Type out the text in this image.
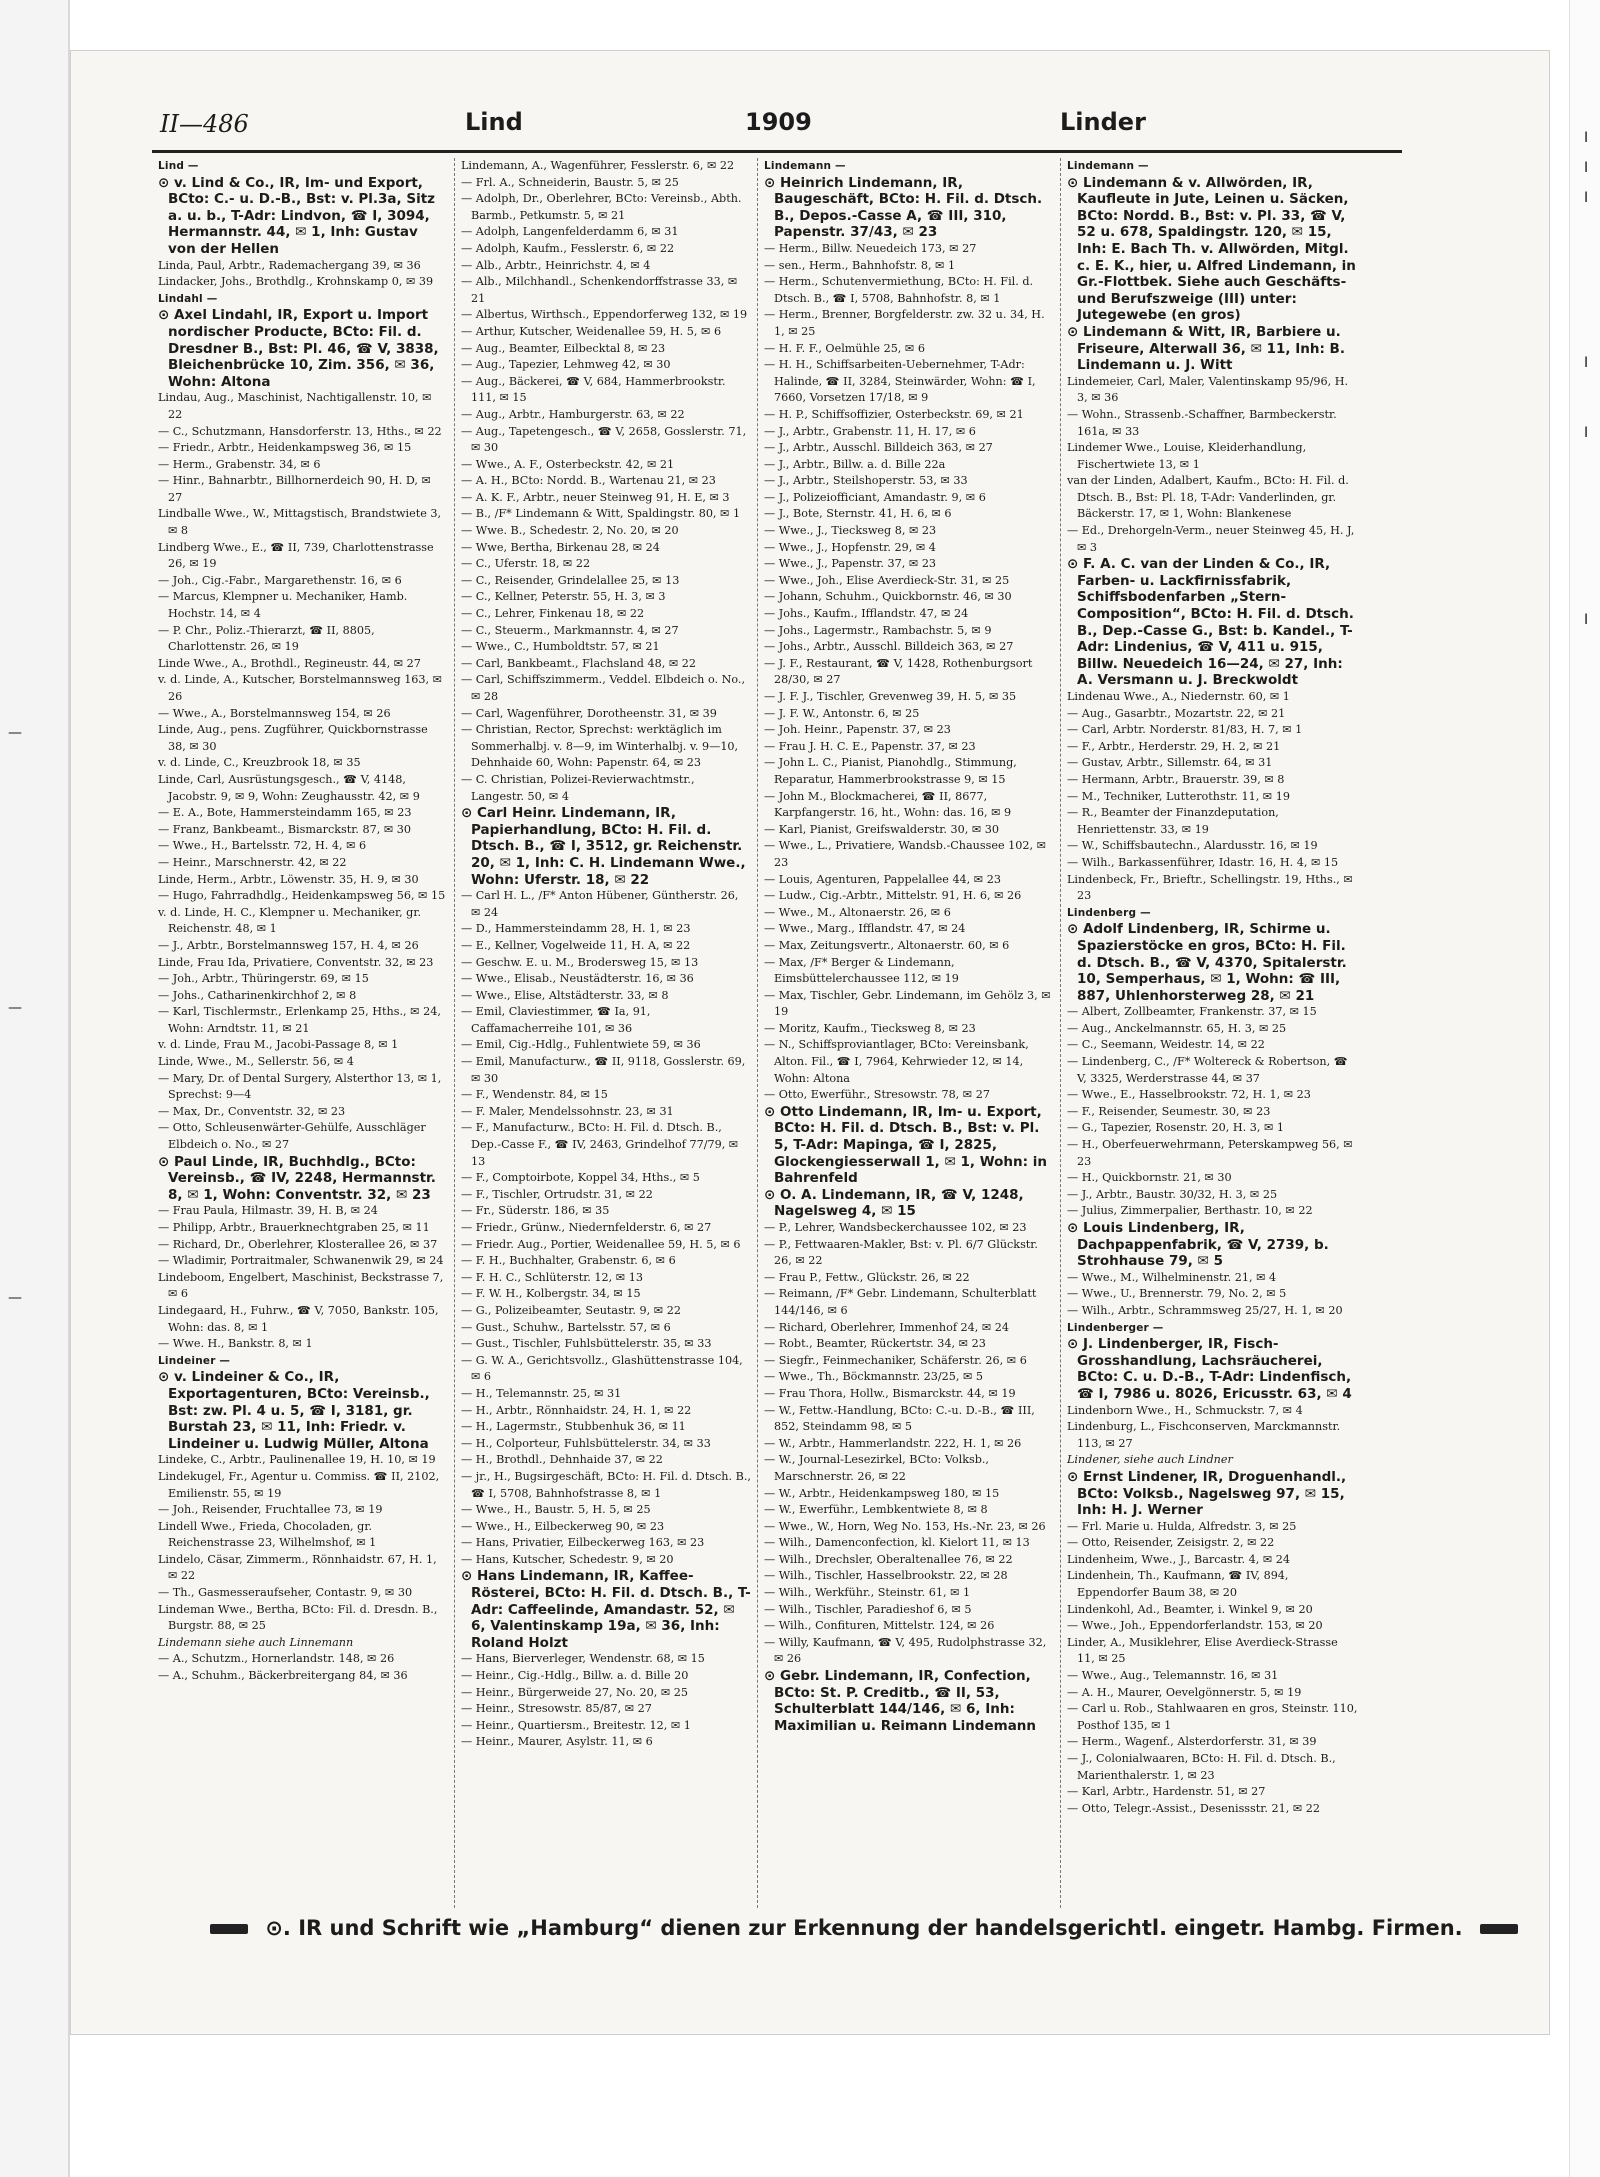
II—486	Lind	1909	Linder

Lind —

⊙ v. Lind & Co., IR, Im- und Export, BCto: C.- u. D.-B., Bst: v. Pl.3a, Sitz a. u. b., T-Adr: Lindvon, ☎ I, 3094, Hermannstr. 44, ✉ 1, Inh: Gustav von der Hellen

Linda, Paul, Arbtr., Rademachergang 39, ✉ 36

Lindacker, Johs., Brothdlg., Krohnskamp 0, ✉ 39

Lindahl —

⊙ Axel Lindahl, IR, Export u. Import nordischer Producte, BCto: Fil. d. Dresdner B., Bst: Pl. 46, ☎ V, 3838, Bleichenbrücke 10, Zim. 356, ✉ 36, Wohn: Altona

Lindau, Aug., Maschinist, Nachtigallenstr. 10, ✉ 22

— C., Schutzmann, Hansdorferstr. 13, Hths., ✉ 22

— Friedr., Arbtr., Heidenkampsweg 36, ✉ 15

— Herm., Grabenstr. 34, ✉ 6

— Hinr., Bahnarbtr., Billhornerdeich 90, H. D, ✉ 27

Lindballe Wwe., W., Mittagstisch, Brandstwiete 3, ✉ 8

Lindberg Wwe., E., ☎ II, 739, Charlottenstrasse 26, ✉ 19

— Joh., Cig.-Fabr., Margarethenstr. 16, ✉ 6

— Marcus, Klempner u. Mechaniker, Hamb. Hochstr. 14, ✉ 4

— P. Chr., Poliz.-Thierarzt, ☎ II, 8805, Charlottenstr. 26, ✉ 19

Linde Wwe., A., Brothdl., Regineustr. 44, ✉ 27

v. d. Linde, A., Kutscher, Borstelmannsweg 163, ✉ 26

— Wwe., A., Borstelmannsweg 154, ✉ 26

Linde, Aug., pens. Zugführer, Quickbornstrasse 38, ✉ 30

v. d. Linde, C., Kreuzbrook 18, ✉ 35

Linde, Carl, Ausrüstungsgesch., ☎ V, 4148, Jacobstr. 9, ✉ 9, Wohn: Zeughausstr. 42, ✉ 9

— E. A., Bote, Hammersteindamm 165, ✉ 23

— Franz, Bankbeamt., Bismarckstr. 87, ✉ 30

— Wwe., H., Bartelsstr. 72, H. 4, ✉ 6

— Heinr., Marschnerstr. 42, ✉ 22

Linde, Herm., Arbtr., Löwenstr. 35, H. 9, ✉ 30

— Hugo, Fahrradhdlg., Heidenkampsweg 56, ✉ 15

v. d. Linde, H. C., Klempner u. Mechaniker, gr. Reichenstr. 48, ✉ 1

— J., Arbtr., Borstelmannsweg 157, H. 4, ✉ 26

Linde, Frau Ida, Privatiere, Conventstr. 32, ✉ 23

— Joh., Arbtr., Thüringerstr. 69, ✉ 15

— Johs., Catharinenkirchhof 2, ✉ 8

— Karl, Tischlermstr., Erlenkamp 25, Hths., ✉ 24, Wohn: Arndtstr. 11, ✉ 21

v. d. Linde, Frau M., Jacobi-Passage 8, ✉ 1

Linde, Wwe., M., Sellerstr. 56, ✉ 4

— Mary, Dr. of Dental Surgery, Alsterthor 13, ✉ 1, Sprechst: 9—4

— Max, Dr., Conventstr. 32, ✉ 23

— Otto, Schleusenwärter-Gehülfe, Ausschläger Elbdeich o. No., ✉ 27

⊙ Paul Linde, IR, Buchhdlg., BCto: Vereinsb., ☎ IV, 2248, Hermannstr. 8, ✉ 1, Wohn: Conventstr. 32, ✉ 23

— Frau Paula, Hilmastr. 39, H. B, ✉ 24

— Philipp, Arbtr., Brauerknechtgraben 25, ✉ 11

— Richard, Dr., Oberlehrer, Klosterallee 26, ✉ 37

— Wladimir, Portraitmaler, Schwanenwik 29, ✉ 24

Lindeboom, Engelbert, Maschinist, Beckstrasse 7, ✉ 6

Lindegaard, H., Fuhrw., ☎ V, 7050, Bankstr. 105, Wohn: das. 8, ✉ 1

— Wwe. H., Bankstr. 8, ✉ 1

Lindeiner —

⊙ v. Lindeiner & Co., IR, Exportagenturen, BCto: Vereinsb., Bst: zw. Pl. 4 u. 5, ☎ I, 3181, gr. Burstah 23, ✉ 11, Inh: Friedr. v. Lindeiner u. Ludwig Müller, Altona

Lindeke, C., Arbtr., Paulinenallee 19, H. 10, ✉ 19

Lindekugel, Fr., Agentur u. Commiss. ☎ II, 2102, Emilienstr. 55, ✉ 19

— Joh., Reisender, Fruchtallee 73, ✉ 19

Lindell Wwe., Frieda, Chocoladen, gr. Reichenstrasse 23, Wilhelmshof, ✉ 1

Lindelo, Cäsar, Zimmerm., Rönnhaidstr. 67, H. 1, ✉ 22

— Th., Gasmesseraufseher, Contastr. 9, ✉ 30

Lindeman Wwe., Bertha, BCto: Fil. d. Dresdn. B., Burgstr. 88, ✉ 25

Lindemann siehe auch Linnemann

— A., Schutzm., Hornerlandstr. 148, ✉ 26

— A., Schuhm., Bäckerbreitergang 84, ✉ 36

Lindemann, A., Wagenführer, Fesslerstr. 6, ✉ 22

— Frl. A., Schneiderin, Baustr. 5, ✉ 25

— Adolph, Dr., Oberlehrer, BCto: Vereinsb., Abth. Barmb., Petkumstr. 5, ✉ 21

— Adolph, Langenfelderdamm 6, ✉ 31

— Adolph, Kaufm., Fesslerstr. 6, ✉ 22

— Alb., Arbtr., Heinrichstr. 4, ✉ 4

— Alb., Milchhandl., Schenkendorffstrasse 33, ✉ 21

— Albertus, Wirthsch., Eppendorferweg 132, ✉ 19

— Arthur, Kutscher, Weidenallee 59, H. 5, ✉ 6

— Aug., Beamter, Eilbecktal 8, ✉ 23

— Aug., Tapezier, Lehmweg 42, ✉ 30

— Aug., Bäckerei, ☎ V, 684, Hammerbrookstr. 111, ✉ 15

— Aug., Arbtr., Hamburgerstr. 63, ✉ 22

— Aug., Tapetengesch., ☎ V, 2658, Gosslerstr. 71, ✉ 30

— Wwe., A. F., Osterbeckstr. 42, ✉ 21

— A. H., BCto: Nordd. B., Wartenau 21, ✉ 23

— A. K. F., Arbtr., neuer Steinweg 91, H. E, ✉ 3

— B., /F* Lindemann & Witt, Spaldingstr. 80, ✉ 1

— Wwe. B., Schedestr. 2, No. 20, ✉ 20

— Wwe, Bertha, Birkenau 28, ✉ 24

— C., Uferstr. 18, ✉ 22

— C., Reisender, Grindelallee 25, ✉ 13

— C., Kellner, Peterstr. 55, H. 3, ✉ 3

— C., Lehrer, Finkenau 18, ✉ 22

— C., Steuerm., Markmannstr. 4, ✉ 27

— Wwe., C., Humboldtstr. 57, ✉ 21

— Carl, Bankbeamt., Flachsland 48, ✉ 22

— Carl, Schiffszimmerm., Veddel. Elbdeich o. No., ✉ 28

— Carl, Wagenführer, Dorotheenstr. 31, ✉ 39

— Christian, Rector, Sprechst: werktäglich im Sommerhalbj. v. 8—9, im Winterhalbj. v. 9—10, Dehnhaide 60, Wohn: Papenstr. 64, ✉ 23

— C. Christian, Polizei-Revierwachtmstr., Langestr. 50, ✉ 4

⊙ Carl Heinr. Lindemann, IR, Papierhandlung, BCto: H. Fil. d. Dtsch. B., ☎ I, 3512, gr. Reichenstr. 20, ✉ 1, Inh: C. H. Lindemann Wwe., Wohn: Uferstr. 18, ✉ 22

— Carl H. L., /F* Anton Hübener, Güntherstr. 26, ✉ 24

— D., Hammersteindamm 28, H. 1, ✉ 23

— E., Kellner, Vogelweide 11, H. A, ✉ 22

— Geschw. E. u. M., Brodersweg 15, ✉ 13

— Wwe., Elisab., Neustädterstr. 16, ✉ 36

— Wwe., Elise, Altstädterstr. 33, ✉ 8

— Emil, Claviestimmer, ☎ Ia, 91, Caffamacherreihe 101, ✉ 36

— Emil, Cig.-Hdlg., Fuhlentwiete 59, ✉ 36

— Emil, Manufacturw., ☎ II, 9118, Gosslerstr. 69, ✉ 30

— F., Wendenstr. 84, ✉ 15

— F. Maler, Mendelssohnstr. 23, ✉ 31

— F., Manufacturw., BCto: H. Fil. d. Dtsch. B., Dep.-Casse F., ☎ IV, 2463, Grindelhof 77/79, ✉ 13

— F., Comptoirbote, Koppel 34, Hths., ✉ 5

— F., Tischler, Ortrudstr. 31, ✉ 22

— Fr., Süderstr. 186, ✉ 35

— Friedr., Grünw., Niedernfelderstr. 6, ✉ 27

— Friedr. Aug., Portier, Weidenallee 59, H. 5, ✉ 6

— F. H., Buchhalter, Grabenstr. 6, ✉ 6

— F. H. C., Schlüterstr. 12, ✉ 13

— F. W. H., Kolbergstr. 34, ✉ 15

— G., Polizeibeamter, Seutastr. 9, ✉ 22

— Gust., Schuhw., Bartelsstr. 57, ✉ 6

— Gust., Tischler, Fuhlsbüttelerstr. 35, ✉ 33

— G. W. A., Gerichtsvollz., Glashüttenstrasse 104, ✉ 6

— H., Telemannstr. 25, ✉ 31

— H., Arbtr., Rönnhaidstr. 24, H. 1, ✉ 22

— H., Lagermstr., Stubbenhuk 36, ✉ 11

— H., Colporteur, Fuhlsbüttelerstr. 34, ✉ 33

— H., Brothdl., Dehnhaide 37, ✉ 22

— jr., H., Bugsirgeschäft, BCto: H. Fil. d. Dtsch. B., ☎ I, 5708, Bahnhofstrasse 8, ✉ 1

— Wwe., H., Baustr. 5, H. 5, ✉ 25

— Wwe., H., Eilbeckerweg 90, ✉ 23

— Hans, Privatier, Eilbeckerweg 163, ✉ 23

— Hans, Kutscher, Schedestr. 9, ✉ 20

⊙ Hans Lindemann, IR, Kaffee-Rösterei, BCto: H. Fil. d. Dtsch. B., T-Adr: Caffeelinde, Amandastr. 52, ✉ 6, Valentinskamp 19a, ✉ 36, Inh: Roland Holzt

— Hans, Bierverleger, Wendenstr. 68, ✉ 15

— Heinr., Cig.-Hdlg., Billw. a. d. Bille 20

— Heinr., Bürgerweide 27, No. 20, ✉ 25

— Heinr., Stresowstr. 85/87, ✉ 27

— Heinr., Quartiersm., Breitestr. 12, ✉ 1

— Heinr., Maurer, Asylstr. 11, ✉ 6

Lindemann —

⊙ Heinrich Lindemann, IR, Baugeschäft, BCto: H. Fil. d. Dtsch. B., Depos.-Casse A, ☎ III, 310, Papenstr. 37/43, ✉ 23

— Herm., Billw. Neuedeich 173, ✉ 27

— sen., Herm., Bahnhofstr. 8, ✉ 1

— Herm., Schutenvermiethung, BCto: H. Fil. d. Dtsch. B., ☎ I, 5708, Bahnhofstr. 8, ✉ 1

— Herm., Brenner, Borgfelderstr. zw. 32 u. 34, H. 1, ✉ 25

— H. F. F., Oelmühle 25, ✉ 6

— H. H., Schiffsarbeiten-Uebernehmer, T-Adr: Halinde, ☎ II, 3284, Steinwärder, Wohn: ☎ I, 7660, Vorsetzen 17/18, ✉ 9

— H. P., Schiffsoffizier, Osterbeckstr. 69, ✉ 21

— J., Arbtr., Grabenstr. 11, H. 17, ✉ 6

— J., Arbtr., Ausschl. Billdeich 363, ✉ 27

— J., Arbtr., Billw. a. d. Bille 22a

— J., Arbtr., Steilshoperstr. 53, ✉ 33

— J., Polizeiofficiant, Amandastr. 9, ✉ 6

— J., Bote, Sternstr. 41, H. 6, ✉ 6

— Wwe., J., Tiecksweg 8, ✉ 23

— Wwe., J., Hopfenstr. 29, ✉ 4

— Wwe., J., Papenstr. 37, ✉ 23

— Wwe., Joh., Elise Averdieck-Str. 31, ✉ 25

— Johann, Schuhm., Quickbornstr. 46, ✉ 30

— Johs., Kaufm., Ifflandstr. 47, ✉ 24

— Johs., Lagermstr., Rambachstr. 5, ✉ 9

— Johs., Arbtr., Ausschl. Billdeich 363, ✉ 27

— J. F., Restaurant, ☎ V, 1428, Rothenburgsort 28/30, ✉ 27

— J. F. J., Tischler, Grevenweg 39, H. 5, ✉ 35

— J. F. W., Antonstr. 6, ✉ 25

— Joh. Heinr., Papenstr. 37, ✉ 23

— Frau J. H. C. E., Papenstr. 37, ✉ 23

— John L. C., Pianist, Pianohdlg., Stimmung, Reparatur, Hammerbrookstrasse 9, ✉ 15

— John M., Blockmacherei, ☎ II, 8677, Karpfangerstr. 16, ht., Wohn: das. 16, ✉ 9

— Karl, Pianist, Greifswalderstr. 30, ✉ 30

— Wwe., L., Privatiere, Wandsb.-Chaussee 102, ✉ 23

— Louis, Agenturen, Pappelallee 44, ✉ 23

— Ludw., Cig.-Arbtr., Mittelstr. 91, H. 6, ✉ 26

— Wwe., M., Altonaerstr. 26, ✉ 6

— Wwe., Marg., Ifflandstr. 47, ✉ 24

— Max, Zeitungsvertr., Altonaerstr. 60, ✉ 6

— Max, /F* Berger & Lindemann, Eimsbüttelerchaussee 112, ✉ 19

— Max, Tischler, Gebr. Lindemann, im Gehölz 3, ✉ 19

— Moritz, Kaufm., Tiecksweg 8, ✉ 23

— N., Schiffsproviantlager, BCto: Vereinsbank, Alton. Fil., ☎ I, 7964, Kehrwieder 12, ✉ 14, Wohn: Altona

— Otto, Ewerführ., Stresowstr. 78, ✉ 27

⊙ Otto Lindemann, IR, Im- u. Export, BCto: H. Fil. d. Dtsch. B., Bst: v. Pl. 5, T-Adr: Mapinga, ☎ I, 2825, Glockengiesserwall 1, ✉ 1, Wohn: in Bahrenfeld

⊙ O. A. Lindemann, IR, ☎ V, 1248, Nagelsweg 4, ✉ 15

— P., Lehrer, Wandsbeckerchaussee 102, ✉ 23

— P., Fettwaaren-Makler, Bst: v. Pl. 6/7 Glückstr. 26, ✉ 22

— Frau P., Fettw., Glückstr. 26, ✉ 22

— Reimann, /F* Gebr. Lindemann, Schulterblatt 144/146, ✉ 6

— Richard, Oberlehrer, Immenhof 24, ✉ 24

— Robt., Beamter, Rückertstr. 34, ✉ 23

— Siegfr., Feinmechaniker, Schäferstr. 26, ✉ 6

— Wwe., Th., Böckmannstr. 23/25, ✉ 5

— Frau Thora, Hollw., Bismarckstr. 44, ✉ 19

— W., Fettw.-Handlung, BCto: C.-u. D.-B., ☎ III, 852, Steindamm 98, ✉ 5

— W., Arbtr., Hammerlandstr. 222, H. 1, ✉ 26

— W., Journal-Lesezirkel, BCto: Volksb., Marschnerstr. 26, ✉ 22

— W., Arbtr., Heidenkampsweg 180, ✉ 15

— W., Ewerführ., Lembkentwiete 8, ✉ 8

— Wwe., W., Horn, Weg No. 153, Hs.-Nr. 23, ✉ 26

— Wilh., Damenconfection, kl. Kielort 11, ✉ 13

— Wilh., Drechsler, Oberaltenallee 76, ✉ 22

— Wilh., Tischler, Hasselbrookstr. 22, ✉ 28

— Wilh., Werkführ., Steinstr. 61, ✉ 1

— Wilh., Tischler, Paradieshof 6, ✉ 5

— Wilh., Confituren, Mittelstr. 124, ✉ 26

— Willy, Kaufmann, ☎ V, 495, Rudolphstrasse 32, ✉ 26

⊙ Gebr. Lindemann, IR, Confection, BCto: St. P. Creditb., ☎ II, 53, Schulterblatt 144/146, ✉ 6, Inh: Maximilian u. Reimann Lindemann

Lindemann —

⊙ Lindemann & v. Allwörden, IR, Kaufleute in Jute, Leinen u. Säcken, BCto: Nordd. B., Bst: v. Pl. 33, ☎ V, 52 u. 678, Spaldingstr. 120, ✉ 15, Inh: E. Bach Th. v. Allwörden, Mitgl. c. E. K., hier, u. Alfred Lindemann, in Gr.-Flottbek. Siehe auch Geschäfts- und Berufszweige (III) unter: Jutegewebe (en gros)

⊙ Lindemann & Witt, IR, Barbiere u. Friseure, Alterwall 36, ✉ 11, Inh: B. Lindemann u. J. Witt

Lindemeier, Carl, Maler, Valentinskamp 95/96, H. 3, ✉ 36

— Wohn., Strassenb.-Schaffner, Barmbeckerstr. 161a, ✉ 33

Lindemer Wwe., Louise, Kleiderhandlung, Fischertwiete 13, ✉ 1

van der Linden, Adalbert, Kaufm., BCto: H. Fil. d. Dtsch. B., Bst: Pl. 18, T-Adr: Vanderlinden, gr. Bäckerstr. 17, ✉ 1, Wohn: Blankenese

— Ed., Drehorgeln-Verm., neuer Steinweg 45, H. J, ✉ 3

⊙ F. A. C. van der Linden & Co., IR, Farben- u. Lackfirnissfabrik, Schiffsbodenfarben „Stern-Composition“, BCto: H. Fil. d. Dtsch. B., Dep.-Casse G., Bst: b. Kandel., T-Adr: Lindenius, ☎ V, 411 u. 915, Billw. Neuedeich 16—24, ✉ 27, Inh: A. Versmann u. J. Breckwoldt

Lindenau Wwe., A., Niedernstr. 60, ✉ 1

— Aug., Gasarbtr., Mozartstr. 22, ✉ 21

— Carl, Arbtr. Norderstr. 81/83, H. 7, ✉ 1

— F., Arbtr., Herderstr. 29, H. 2, ✉ 21

— Gustav, Arbtr., Sillemstr. 64, ✉ 31

— Hermann, Arbtr., Brauerstr. 39, ✉ 8

— M., Techniker, Lutterothstr. 11, ✉ 19

— R., Beamter der Finanzdeputation, Henriettenstr. 33, ✉ 19

— W., Schiffsbautechn., Alardusstr. 16, ✉ 19

— Wilh., Barkassenführer, Idastr. 16, H. 4, ✉ 15

Lindenbeck, Fr., Brieftr., Schellingstr. 19, Hths., ✉ 23

Lindenberg —

⊙ Adolf Lindenberg, IR, Schirme u. Spazierstöcke en gros, BCto: H. Fil. d. Dtsch. B., ☎ V, 4370, Spitalerstr. 10, Semperhaus, ✉ 1, Wohn: ☎ III, 887, Uhlenhorsterweg 28, ✉ 21

— Albert, Zollbeamter, Frankenstr. 37, ✉ 15

— Aug., Anckelmannstr. 65, H. 3, ✉ 25

— C., Seemann, Weidestr. 14, ✉ 22

— Lindenberg, C., /F* Woltereck & Robertson, ☎ V, 3325, Werderstrasse 44, ✉ 37

— Wwe., E., Hasselbrookstr. 72, H. 1, ✉ 23

— F., Reisender, Seumestr. 30, ✉ 23

— G., Tapezier, Rosenstr. 20, H. 3, ✉ 1

— H., Oberfeuerwehrmann, Peterskampweg 56, ✉ 23

— H., Quickbornstr. 21, ✉ 30

— J., Arbtr., Baustr. 30/32, H. 3, ✉ 25

— Julius, Zimmerpalier, Berthastr. 10, ✉ 22

⊙ Louis Lindenberg, IR, Dachpappenfabrik, ☎ V, 2739, b. Strohhause 79, ✉ 5

— Wwe., M., Wilhelminenstr. 21, ✉ 4

— Wwe., U., Brennerstr. 79, No. 2, ✉ 5

— Wilh., Arbtr., Schrammsweg 25/27, H. 1, ✉ 20

Lindenberger —

⊙ J. Lindenberger, IR, Fisch-Grosshandlung, Lachsräucherei, BCto: C. u. D.-B., T-Adr: Lindenfisch, ☎ I, 7986 u. 8026, Ericusstr. 63, ✉ 4

Lindenborn Wwe., H., Schmuckstr. 7, ✉ 4

Lindenburg, L., Fischconserven, Marckmannstr. 113, ✉ 27

Lindener, siehe auch Lindner

⊙ Ernst Lindener, IR, Droguenhandl., BCto: Volksb., Nagelsweg 97, ✉ 15, Inh: H. J. Werner

— Frl. Marie u. Hulda, Alfredstr. 3, ✉ 25

— Otto, Reisender, Zeisigstr. 2, ✉ 22

Lindenheim, Wwe., J., Barcastr. 4, ✉ 24

Lindenhein, Th., Kaufmann, ☎ IV, 894, Eppendorfer Baum 38, ✉ 20

Lindenkohl, Ad., Beamter, i. Winkel 9, ✉ 20

— Wwe., Joh., Eppendorferlandstr. 153, ✉ 20

Linder, A., Musiklehrer, Elise Averdieck-Strasse 11, ✉ 25

— Wwe., Aug., Telemannstr. 16, ✉ 31

— A. H., Maurer, Oevelgönnerstr. 5, ✉ 19

— Carl u. Rob., Stahlwaaren en gros, Steinstr. 110, Posthof 135, ✉ 1

— Herm., Wagenf., Alsterdorferstr. 31, ✉ 39

— J., Colonialwaaren, BCto: H. Fil. d. Dtsch. B., Marienthalerstr. 1, ✉ 23

— Karl, Arbtr., Hardenstr. 51, ✉ 27

— Otto, Telegr.-Assist., Desenissstr. 21, ✉ 22

⊙. IR und Schrift wie „Hamburg“ dienen zur Erkennung der handelsgerichtl. eingetr. Hambg. Firmen.
—
—
—
I
I
I
I
I
I
